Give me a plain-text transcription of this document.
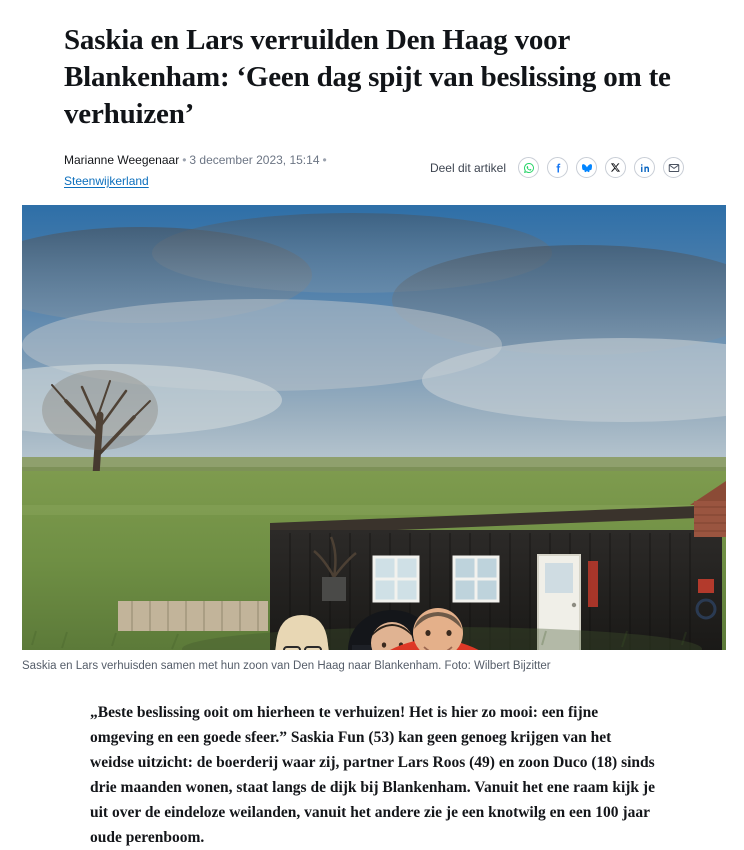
Saskia en Lars verruilden Den Haag voor Blankenham: ‘Geen dag spijt van beslissing om te verhuizen’
Marianne Weegenaar • 3 december 2023, 15:14 •
Steenwijkerland
Deel dit artikel
Saskia en Lars verhuisden samen met hun zoon van Den Haag naar Blankenham. Foto: Wilbert Bijzitter

„Beste beslissing ooit om hierheen te verhuizen! Het is hier zo mooi: een fijne omgeving en een goede sfeer.” Saskia Fun (53) kan geen genoeg krijgen van het weidse uitzicht: de boerderij waar zij, partner Lars Roos (49) en zoon Duco (18) sinds drie maanden wonen, staat langs de dijk bij Blankenham. Vanuit het ene raam kijk je uit over de eindeloze weilanden, vanuit het andere zie je een knotwilg en een 100 jaar oude perenboom.
